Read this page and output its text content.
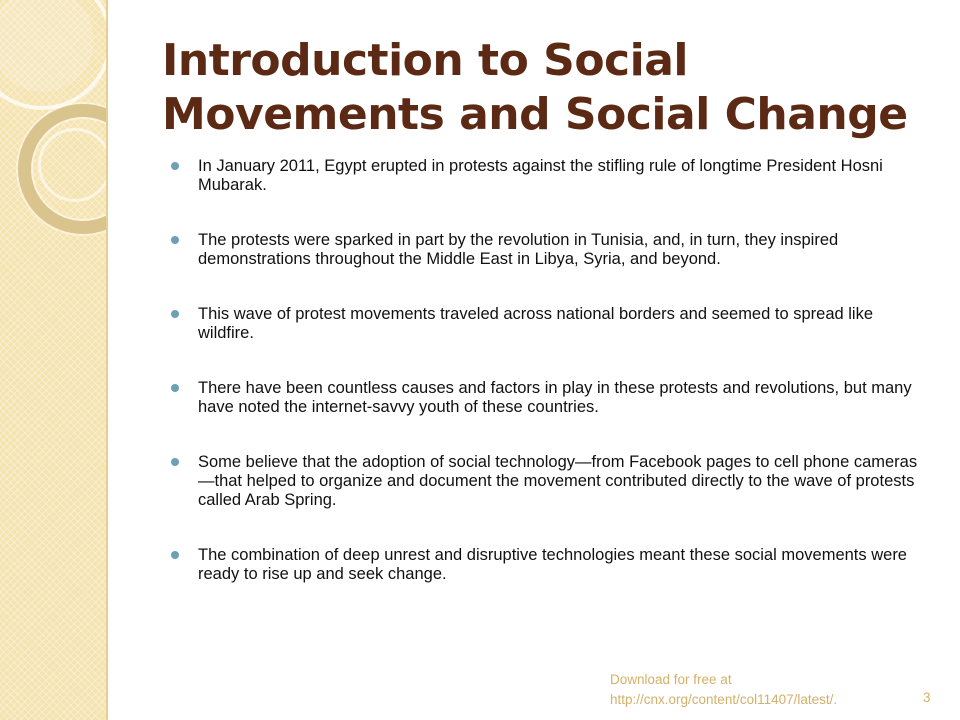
Introduction to Social
Movements and Social Change
In January 2011, Egypt erupted in protests against the stifling rule of longtime President Hosni Mubarak.
The protests were sparked in part by the revolution in Tunisia, and, in turn, they inspired demonstrations throughout the Middle East in Libya, Syria, and beyond.
This wave of protest movements traveled across national borders and seemed to spread like wildfire.
There have been countless causes and factors in play in these protests and revolutions, but many have noted the internet-savvy youth of these countries.
Some believe that the adoption of social technology—from Facebook pages to cell phone cameras—that helped to organize and document the movement contributed directly to the wave of protests called Arab Spring.
The combination of deep unrest and disruptive technologies meant these social movements were ready to rise up and seek change.
Download for free at
http://cnx.org/content/col11407/latest/.	3
